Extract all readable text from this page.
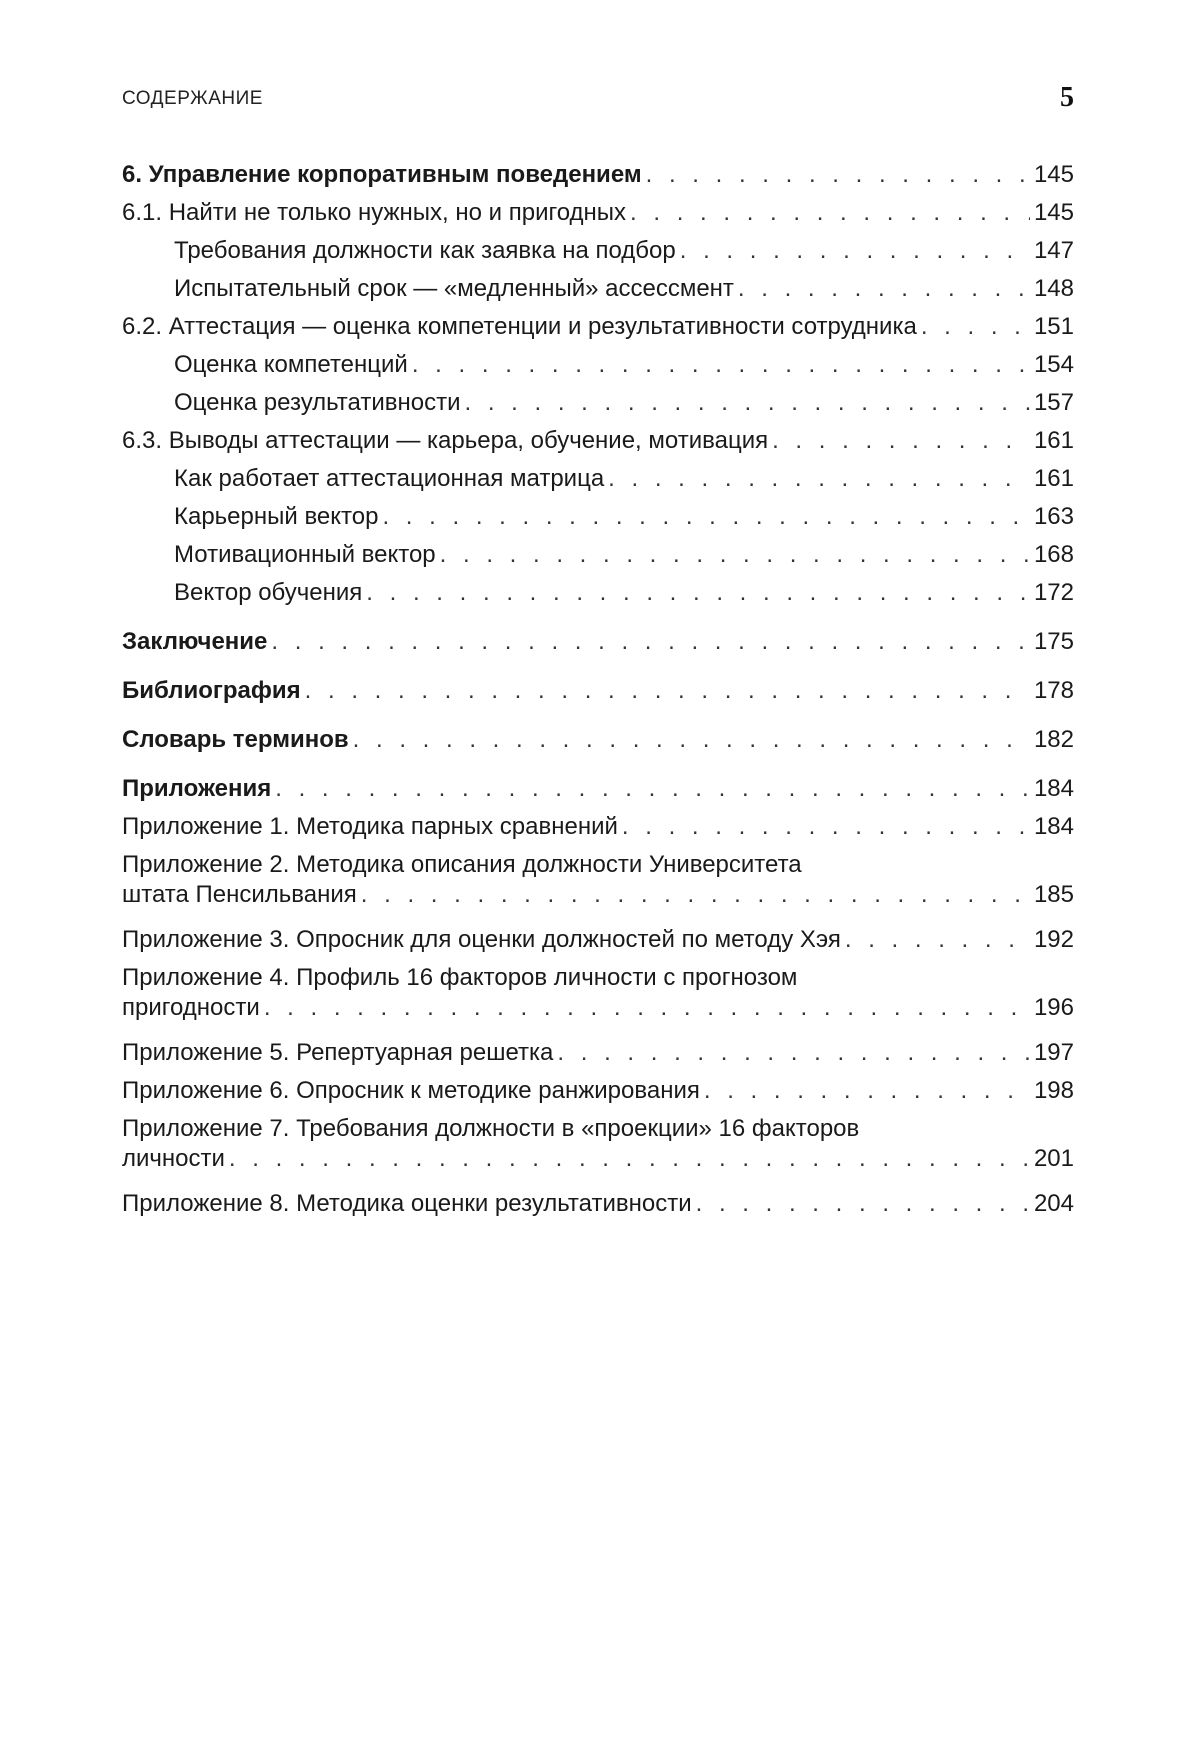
СОДЕРЖАНИЕ	5
6. Управление корпоративным поведением . . .	145
6.1. Найти не только нужных, но и пригодных . . .	145
Требования должности как заявка на подбор . . .	147
Испытательный срок — «медленный» ассессмент . . .	148
6.2. Аттестация — оценка компетенции и результативности сотрудника . . .	151
Оценка компетенций . . .	154
Оценка результативности . . .	157
6.3. Выводы аттестации — карьера, обучение, мотивация . . .	161
Как работает аттестационная матрица . . .	161
Карьерный вектор . . .	163
Мотивационный вектор . . .	168
Вектор обучения . . .	172
Заключение . . .	175
Библиография . . .	178
Словарь терминов . . .	182
Приложения . . .	184
Приложение 1. Методика парных сравнений . . .	184
Приложение 2. Методика описания должности Университета
штата Пенсильвания . . .	185
Приложение 3. Опросник для оценки должностей по методу Хэя . . .	192
Приложение 4. Профиль 16 факторов личности с прогнозом
пригодности . . .	196
Приложение 5. Репертуарная решетка . . .	197
Приложение 6. Опросник к методике ранжирования . . .	198
Приложение 7. Требования должности в «проекции» 16 факторов
личности . . .	201
Приложение 8. Методика оценки результативности . . .	204
